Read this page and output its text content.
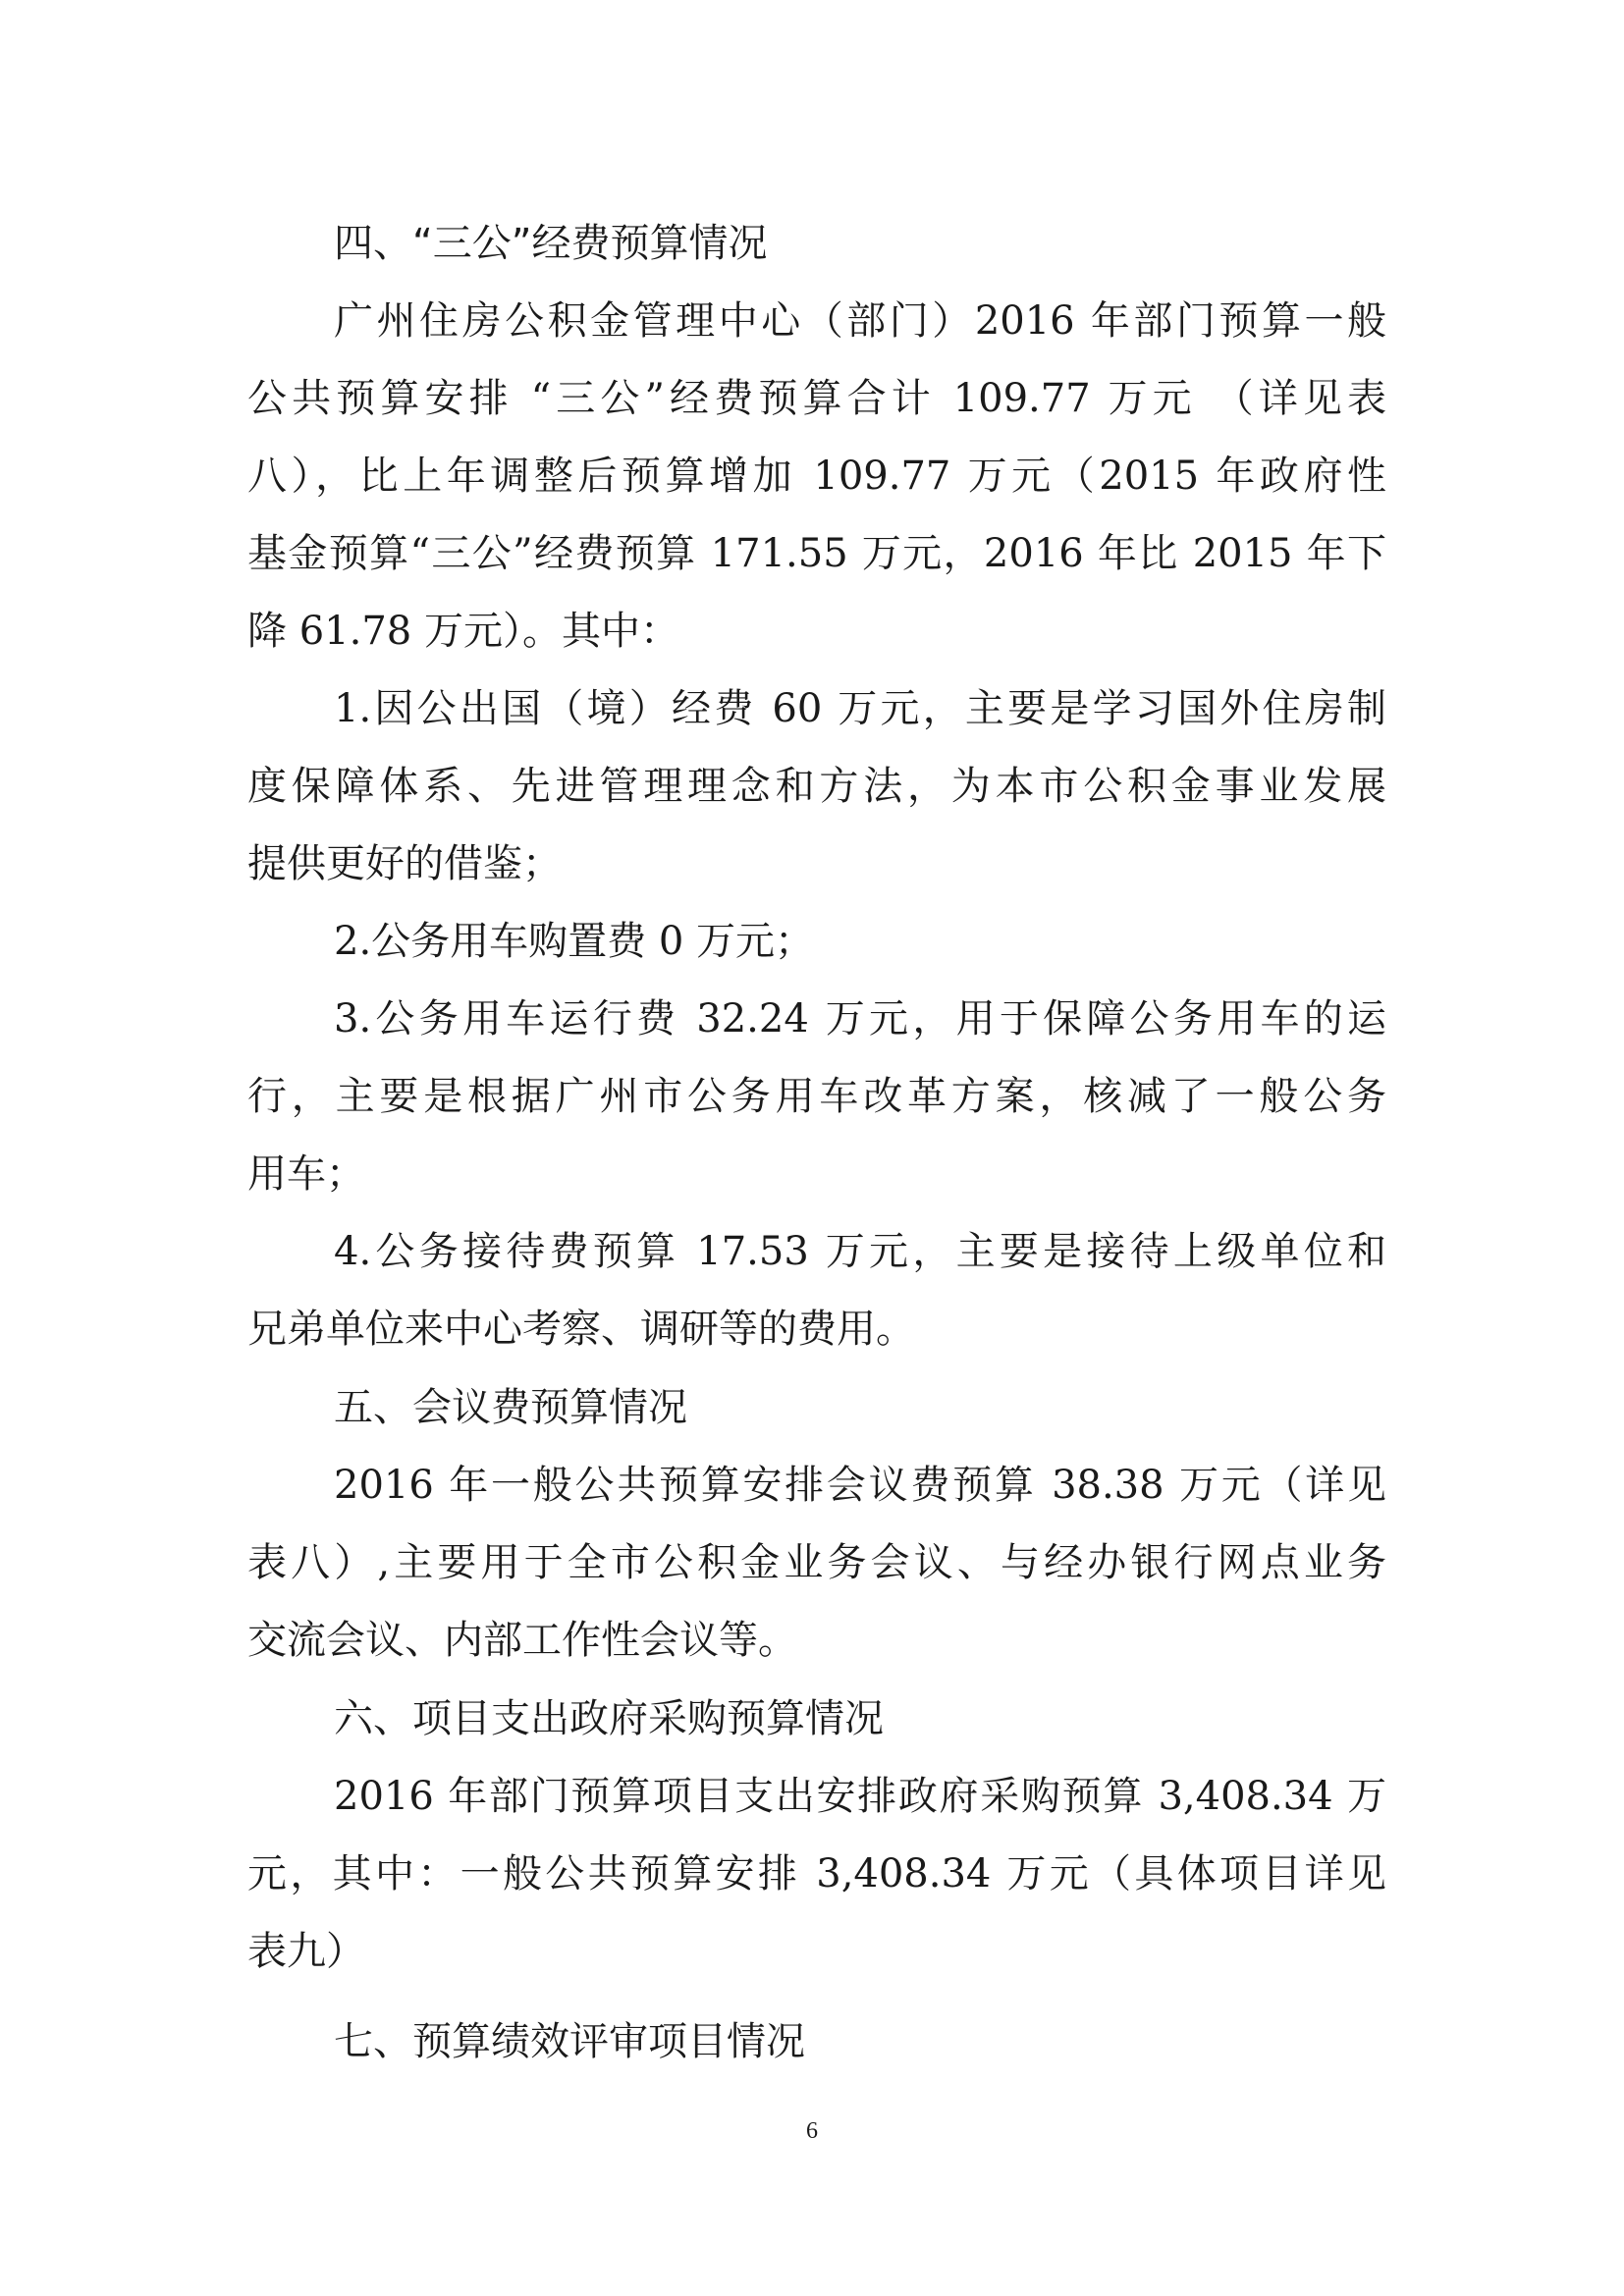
四、“三公”经费预算情况
广州住房公积金管理中心（部门）2016 年部门预算一般
公共预算安排 “三公”经费预算合计 109.77 万元 （详见表
八），比上年调整后预算增加 109.77 万元（2015 年政府性
基金预算“三公”经费预算 171.55 万元，2016 年比 2015 年下
降 61.78 万元）。其中：
1.因公出国（境）经费 60 万元，主要是学习国外住房制
度保障体系、先进管理理念和方法，为本市公积金事业发展
提供更好的借鉴；
2.公务用车购置费 0 万元；
3.公务用车运行费 32.24 万元，用于保障公务用车的运
行，主要是根据广州市公务用车改革方案，核减了一般公务
用车；
4.公务接待费预算 17.53 万元，主要是接待上级单位和
兄弟单位来中心考察、调研等的费用。
五、会议费预算情况
2016 年一般公共预算安排会议费预算 38.38 万元（详见
表八）,主要用于全市公积金业务会议、与经办银行网点业务
交流会议、内部工作性会议等。
六、项目支出政府采购预算情况
2016 年部门预算项目支出安排政府采购预算 3,408.34 万
元，其中：一般公共预算安排 3,408.34 万元（具体项目详见
表九）
七、预算绩效评审项目情况
6
